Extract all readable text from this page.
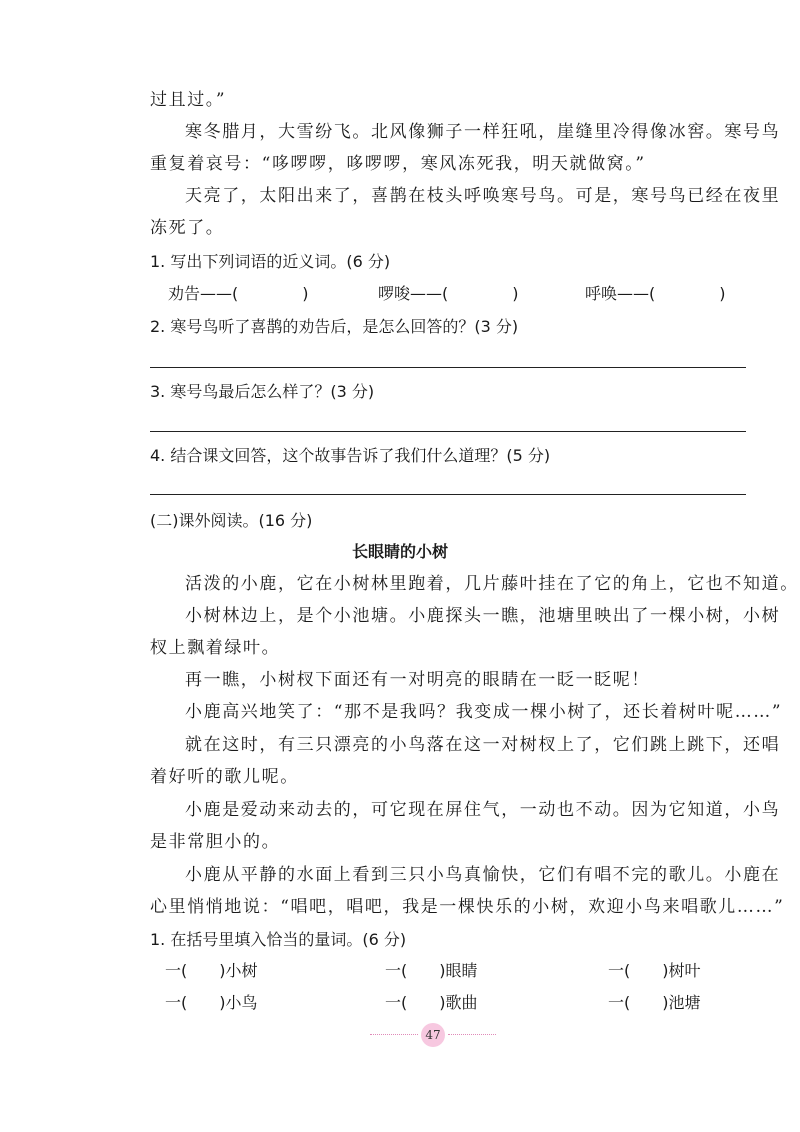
过且过。”
寒冬腊月，大雪纷飞。北风像狮子一样狂吼，崖缝里冷得像冰窖。寒号鸟
重复着哀号：“哆啰啰，哆啰啰，寒风冻死我，明天就做窝。”
天亮了，太阳出来了，喜鹊在枝头呼唤寒号鸟。可是，寒号鸟已经在夜里
冻死了。
1. 写出下列词语的近义词。(6 分)
劝告——(　　　　)	啰唆——(　　　　)	呼唤——(　　　　)
2. 寒号鸟听了喜鹊的劝告后，是怎么回答的？(3 分)
3. 寒号鸟最后怎么样了？(3 分)
4. 结合课文回答，这个故事告诉了我们什么道理？(5 分)
(二)课外阅读。(16 分)
长眼睛的小树
活泼的小鹿，它在小树林里跑着，几片藤叶挂在了它的角上，它也不知道。
小树林边上，是个小池塘。小鹿探头一瞧，池塘里映出了一棵小树，小树
杈上飘着绿叶。
再一瞧，小树杈下面还有一对明亮的眼睛在一眨一眨呢！
小鹿高兴地笑了：“那不是我吗？我变成一棵小树了，还长着树叶呢……”
就在这时，有三只漂亮的小鸟落在这一对树杈上了，它们跳上跳下，还唱
着好听的歌儿呢。
小鹿是爱动来动去的，可它现在屏住气，一动也不动。因为它知道，小鸟
是非常胆小的。
小鹿从平静的水面上看到三只小鸟真愉快，它们有唱不完的歌儿。小鹿在
心里悄悄地说：“唱吧，唱吧，我是一棵快乐的小树，欢迎小鸟来唱歌儿……”
1. 在括号里填入恰当的量词。(6 分)
一(　　)小树	一(　　)眼睛	一(　　)树叶
一(　　)小鸟	一(　　)歌曲	一(　　)池塘
47
